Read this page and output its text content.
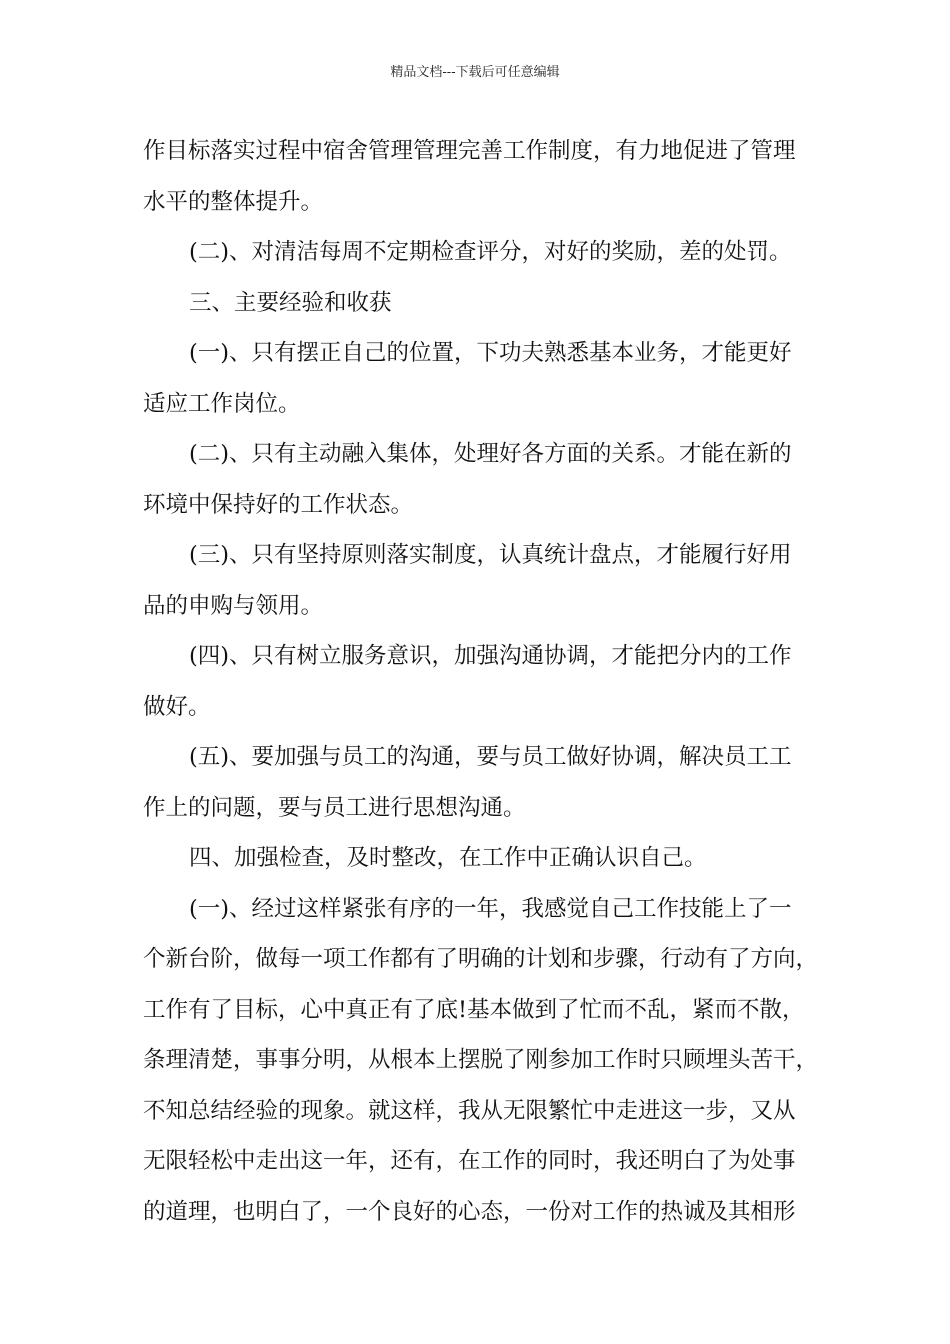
精品文档---下载后可任意编辑
作目标落实过程中宿舍管理管理完善工作制度，有力地促进了管理
水平的整体提升。
(二)、对清洁每周不定期检查评分，对好的奖励，差的处罚。
三、主要经验和收获
(一)、只有摆正自己的位置，下功夫熟悉基本业务，才能更好
适应工作岗位。
(二)、只有主动融入集体，处理好各方面的关系。才能在新的
环境中保持好的工作状态。
(三)、只有坚持原则落实制度，认真统计盘点，才能履行好用
品的申购与领用。
(四)、只有树立服务意识，加强沟通协调，才能把分内的工作
做好。
(五)、要加强与员工的沟通，要与员工做好协调，解决员工工
作上的问题，要与员工进行思想沟通。
四、加强检查，及时整改，在工作中正确认识自己。
(一)、经过这样紧张有序的一年，我感觉自己工作技能上了一
个新台阶，做每一项工作都有了明确的计划和步骤，行动有了方向，
工作有了目标，心中真正有了底!基本做到了忙而不乱，紧而不散，
条理清楚，事事分明，从根本上摆脱了刚参加工作时只顾埋头苦干，
不知总结经验的现象。就这样，我从无限繁忙中走进这一步，又从
无限轻松中走出这一年，还有，在工作的同时，我还明白了为处事
的道理，也明白了，一个良好的心态，一份对工作的热诚及其相形
